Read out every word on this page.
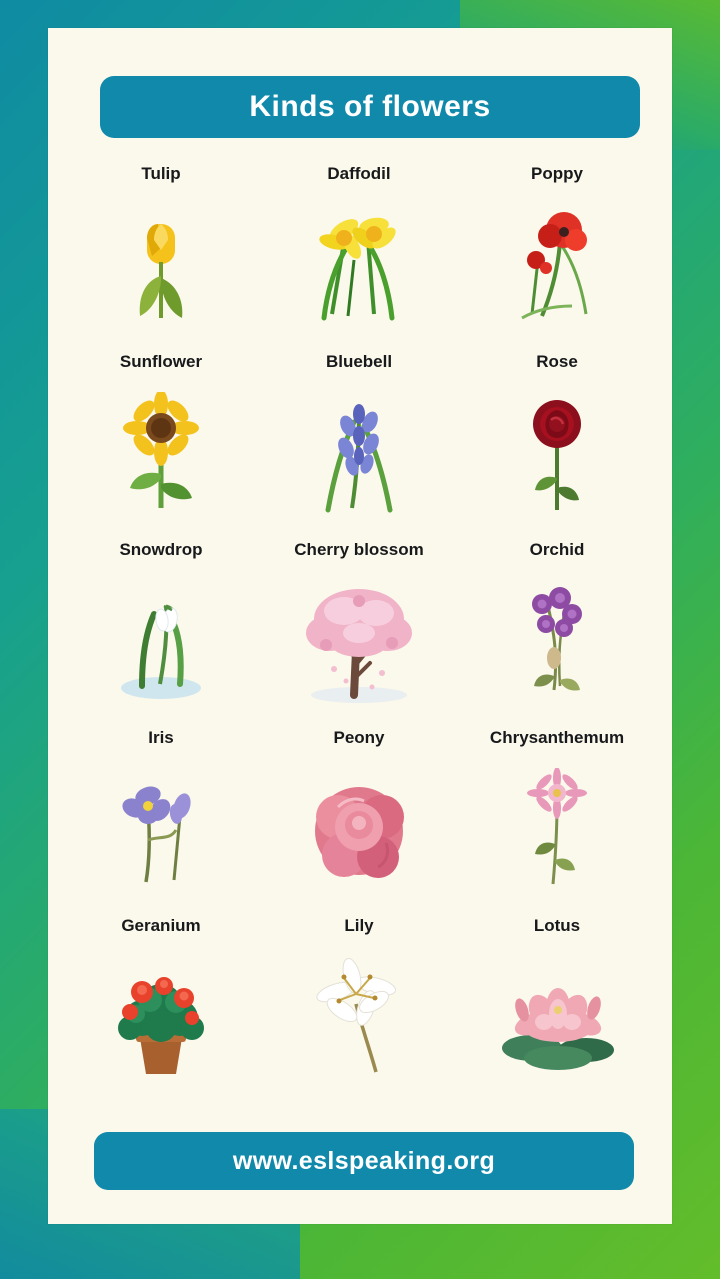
Kinds of flowers
Tulip	Daffodil	Poppy
Sunflower	Bluebell	Rose
Snowdrop	Cherry blossom	Orchid
Iris	Peony	Chrysanthemum
Geranium	Lily	Lotus
www.eslspeaking.org
